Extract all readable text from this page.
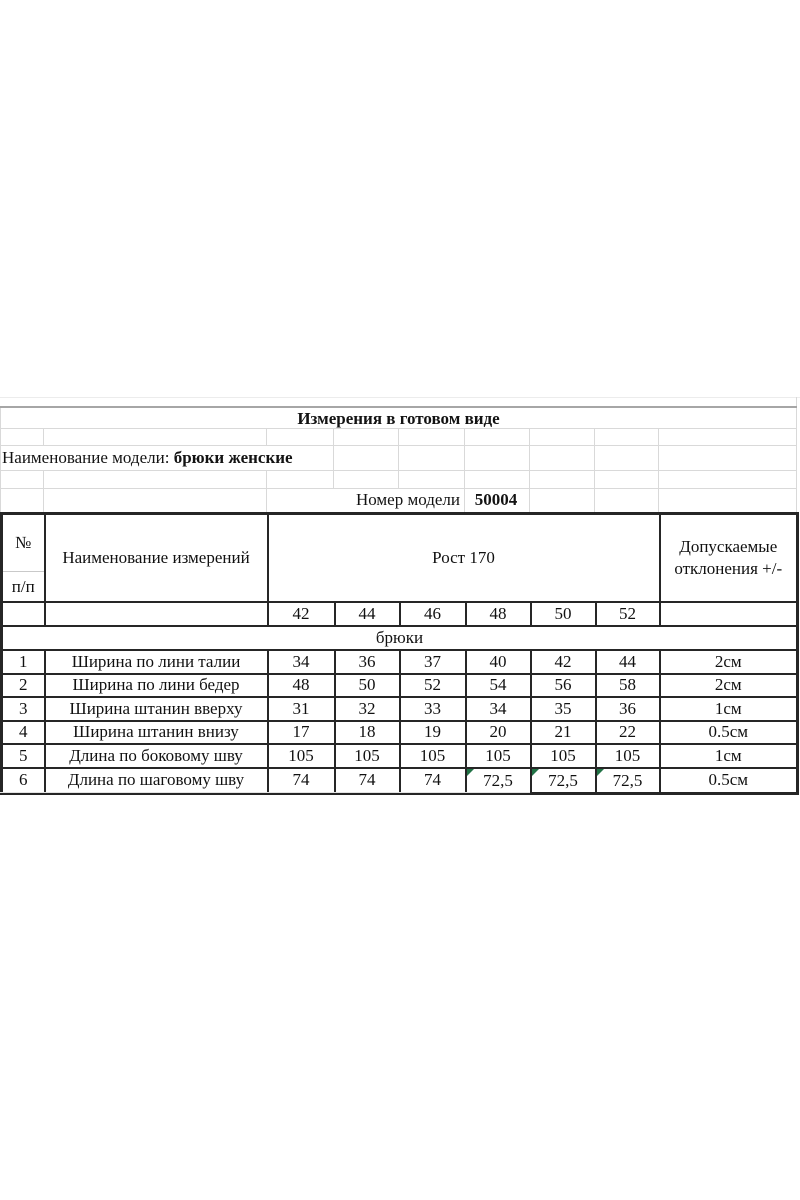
Измерения в готовом виде
Наименование модели: брюки женские
Номер модели 50004
№
п/п
	Наименование измерений	Рост 170	
Допускаемые
отклонения +/-

		42	44	46	48	50	52	
брюки								
1	Ширина по лини талии	34	36	37	40	42	44	2см
2	Ширина по лини бедер	48	50	52	54	56	58	2см
3	Ширина штанин вверху	31	32	33	34	35	36	1см
4	Ширина штанин внизу	17	18	19	20	21	22	0.5см
5	Длина по боковому шву	105	105	105	105	105	105	1см
6	Длина по шаговому шву	74	74	74	72,5	72,5	72,5	0.5см
